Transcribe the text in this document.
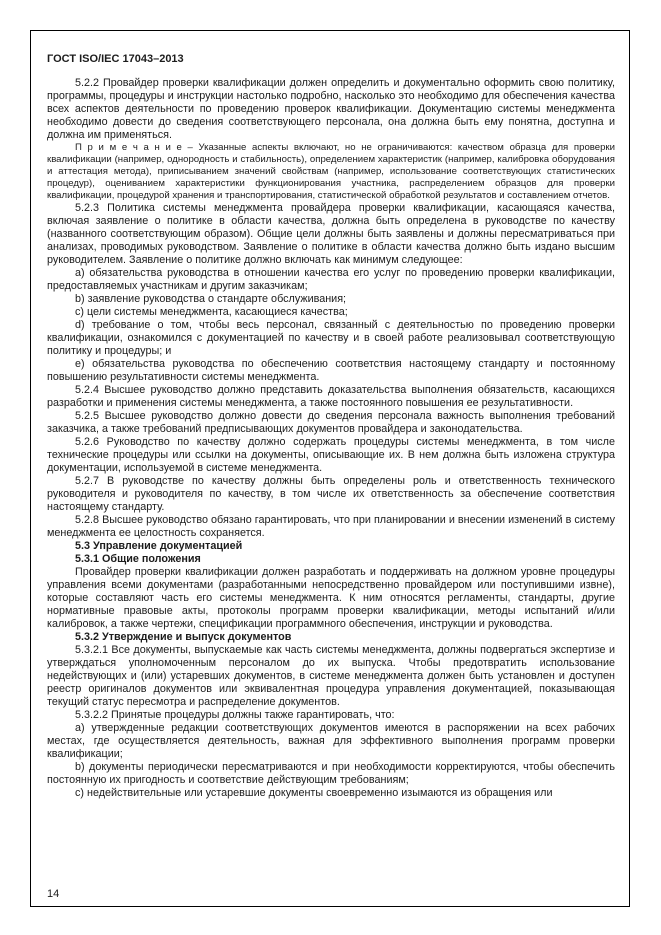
ГОСТ ISO/IEC 17043–2013

5.2.2 Провайдер проверки квалификации должен определить и документально оформить свою политику, программы, процедуры и инструкции настолько подробно, насколько это необходимо для обеспечения качества всех аспектов деятельности по проведению проверок квалификации. Документацию системы менеджмента необходимо довести до сведения соответствующего персонала, она должна быть ему понятна, доступна и должна им применяться.

П р и м е ч а н и е – Указанные аспекты включают, но не ограничиваются: качеством образца для проверки квалификации (например, однородность и стабильность), определением характеристик (например, калибровка оборудования и аттестация метода), приписыванием значений свойствам (например, использование соответствующих статистических процедур), оцениванием характеристики функционирования участника, распределением образцов для проверки квалификации, процедурой хранения и транспортирования, статистической обработкой результатов и составлением отчетов.

5.2.3 Политика системы менеджмента провайдера проверки квалификации, касающаяся качества, включая заявление о политике в области качества, должна быть определена в руководстве по качеству (названного соответствующим образом). Общие цели должны быть заявлены и должны пересматриваться при анализах, проводимых руководством. Заявление о политике в области качества должно быть издано высшим руководителем. Заявление о политике должно включать как минимум следующее:

а) обязательства руководства в отношении качества его услуг по проведению проверки квалификации, предоставляемых участникам и другим заказчикам;

b) заявление руководства о стандарте обслуживания;

c) цели системы менеджмента, касающиеся качества;

d) требование о том, чтобы весь персонал, связанный с деятельностью по проведению проверки квалификации, ознакомился с документацией по качеству и в своей работе реализовывал соответствующую политику и процедуры; и

е) обязательства руководства по обеспечению соответствия настоящему стандарту и постоянному повышению результативности системы менеджмента.

5.2.4 Высшее руководство должно представить доказательства выполнения обязательств, касающихся разработки и применения системы менеджмента, а также постоянного повышения ее результативности.

5.2.5 Высшее руководство должно довести до сведения персонала важность выполнения требований заказчика, а также требований предписывающих документов провайдера и законодательства.

5.2.6 Руководство по качеству должно содержать процедуры системы менеджмента, в том числе технические процедуры или ссылки на документы, описывающие их. В нем должна быть изложена структура документации, используемой в системе менеджмента.

5.2.7 В руководстве по качеству должны быть определены роль и ответственность технического руководителя и руководителя по качеству, в том числе их ответственность за обеспечение соответствия настоящему стандарту.

5.2.8 Высшее руководство обязано гарантировать, что при планировании и внесении изменений в систему менеджмента ее целостность сохраняется.

5.3 Управление документацией

5.3.1 Общие положения

Провайдер проверки квалификации должен разработать и поддерживать на должном уровне процедуры управления всеми документами (разработанными непосредственно провайдером или поступившими извне), которые составляют часть его системы менеджмента. К ним относятся регламенты, стандарты, другие нормативные правовые акты, протоколы программ проверки квалификации, методы испытаний и/или калибровок, а также чертежи, спецификации программного обеспечения, инструкции и руководства.

5.3.2 Утверждение и выпуск документов

5.3.2.1 Все документы, выпускаемые как часть системы менеджмента, должны подвергаться экспертизе и утверждаться уполномоченным персоналом до их выпуска. Чтобы предотвратить использование недействующих и (или) устаревших документов, в системе менеджмента должен быть установлен и доступен реестр оригиналов документов или эквивалентная процедура управления документацией, показывающая текущий статус пересмотра и распределение документов.

5.3.2.2 Принятые процедуры должны также гарантировать, что:

а) утвержденные редакции соответствующих документов имеются в распоряжении на всех рабочих местах, где осуществляется деятельность, важная для эффективного выполнения программ проверки квалификации;

b) документы периодически пересматриваются и при необходимости корректируются, чтобы обеспечить постоянную их пригодность и соответствие действующим требованиям;

c) недействительные или устаревшие документы своевременно изымаются из обращения или

14
